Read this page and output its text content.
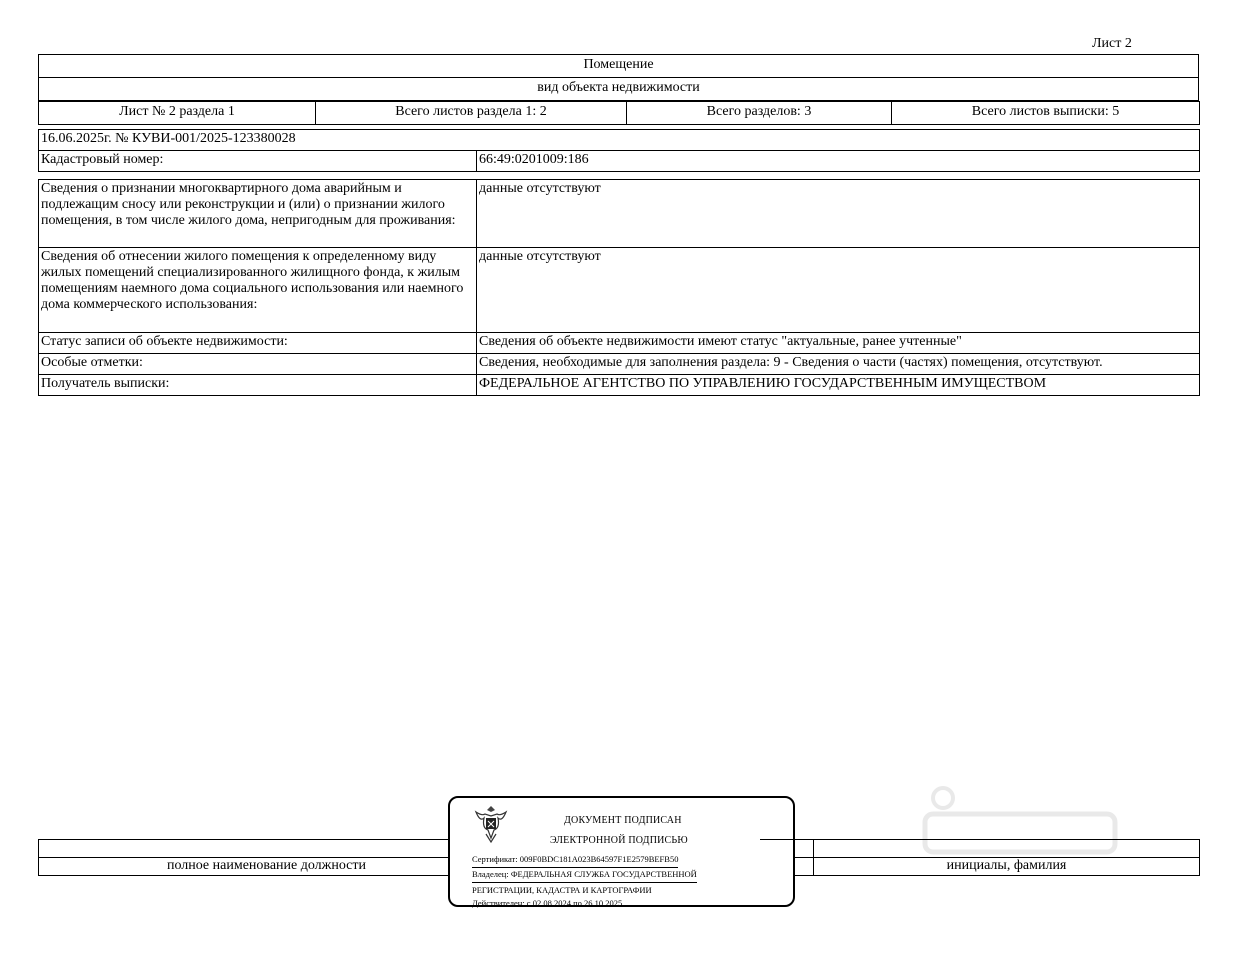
Лист 2
Помещение
вид объекта недвижимости
Лист № 2 раздела 1	Всего листов раздела 1: 2	Всего разделов: 3	Всего листов выписки: 5
16.06.2025г. № КУВИ-001/2025-123380028
Кадастровый номер:	66:49:0201009:186
Сведения о признании многоквартирного дома аварийным и подлежащим сносу или реконструкции и (или) о признании жилого помещения, в том числе жилого дома, непригодным для проживания:	данные отсутствуют
Сведения об отнесении жилого помещения к определенному виду жилых помещений специализированного жилищного фонда, к жилым помещениям наемного дома социального использования или наемного дома коммерческого использования:	данные отсутствуют
Статус записи об объекте недвижимости:	Сведения об объекте недвижимости имеют статус "актуальные, ранее учтенные"
Особые отметки:	Сведения, необходимые для заполнения раздела: 9 - Сведения о части (частях) помещения, отсутствуют.
Получатель выписки:	ФЕДЕРАЛЬНОЕ АГЕНТСТВО ПО УПРАВЛЕНИЮ ГОСУДАРСТВЕННЫМ ИМУЩЕСТВОМ

полное наименование должности		инициалы, фамилия
ДОКУМЕНТ ПОДПИСАН
ЭЛЕКТРОННОЙ ПОДПИСЬЮ
Сертификат: 009F0BDC181A023B64597F1E2579BEFB50
Владелец: ФЕДЕРАЛЬНАЯ СЛУЖБА ГОСУДАРСТВЕННОЙ
РЕГИСТРАЦИИ, КАДАСТРА И КАРТОГРАФИИ
Действителен: с 02.08.2024 по 26.10.2025
